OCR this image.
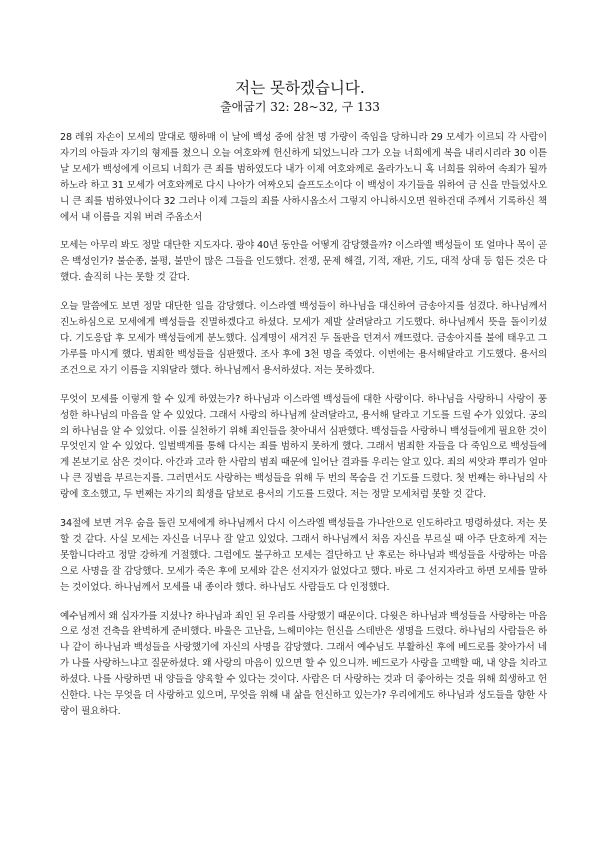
저는 못하겠습니다.
출애굽기 32: 28~32, 구 133

28 레위 자손이 모세의 말대로 행하매 이 날에 백성 중에 삼천 명 가량이 죽임을 당하니라 29 모세가 이르되 각 사람이 자기의 아들과 자기의 형제를 쳤으니 오늘 여호와께 헌신하게 되었느니라 그가 오늘 너희에게 복을 내리시리라 30 이튿날 모세가 백성에게 이르되 너희가 큰 죄를 범하였도다 내가 이제 여호와께로 올라가노니 혹 너희를 위하여 속죄가 될까 하노라 하고 31 모세가 여호와께로 다시 나아가 여짜오되 슬프도소이다 이 백성이 자기들을 위하여 금 신을 만들었사오니 큰 죄를 범하였나이다 32 그러나 이제 그들의 죄를 사하시옵소서 그렇지 아니하시오면 원하건대 주께서 기록하신 책에서 내 이름을 지워 버려 주옵소서

모세는 아무리 봐도 정말 대단한 지도자다. 광야 40년 동안을 어떻게 감당했을까? 이스라엘 백성들이 또 얼마나 목이 곧은 백성인가? 불순종, 불평, 불만이 많은 그들을 인도했다. 전쟁, 문제 해결, 기적, 재판, 기도, 대적 상대 등 힘든 것은 다 했다. 솔직히 나는 못할 것 같다.

오늘 말씀에도 보면 정말 대단한 일을 감당했다. 이스라엘 백성들이 하나님을 대신하여 금송아지를 섬겼다. 하나님께서 진노하심으로 모세에게 백성들을 진멸하겠다고 하셨다. 모세가 제발 살려달라고 기도했다. 하나님께서 뜻을 돌이키셨다. 기도응답 후 모세가 백성들에게 분노했다. 십계명이 새겨진 두 돌판을 던져서 깨뜨렸다. 금송아지를 불에 태우고 그 가루를 마시게 했다. 범죄한 백성들을 심판했다. 조사 후에 3천 명을 죽였다. 이번에는 용서해달라고 기도했다. 용서의 조건으로 자기 이름을 지워달라 했다. 하나님께서 용서하셨다. 저는 못하겠다.

무엇이 모세를 이렇게 할 수 있게 하였는가? 하나님과 이스라엘 백성들에 대한 사랑이다. 하나님을 사랑하니 사랑이 풍성한 하나님의 마음을 알 수 있었다. 그래서 사랑의 하나님께 살려달라고, 용서해 달라고 기도를 드릴 수가 있었다. 공의의 하나님을 알 수 있었다. 이를 실천하기 위해 죄인들을 찾아내서 심판했다. 백성들을 사랑하니 백성들에게 필요한 것이 무엇인지 알 수 있었다. 일벌백계를 통해 다시는 죄를 범하지 못하게 했다. 그래서 범죄한 자들을 다 죽임으로 백성들에게 본보기로 삼은 것이다. 아간과 고라 한 사람의 범죄 때문에 일어난 결과를 우리는 알고 있다. 죄의 씨앗과 뿌리가 얼마나 큰 징벌을 부르는지를. 그러면서도 사랑하는 백성들을 위해 두 번의 목숨을 건 기도를 드렸다. 첫 번째는 하나님의 사랑에 호소했고, 두 번째는 자기의 희생을 담보로 용서의 기도를 드렸다. 저는 정말 모세처럼 못할 것 같다.

34절에 보면 겨우 숨을 돌린 모세에게 하나님께서 다시 이스라엘 백성들을 가나안으로 인도하라고 명령하셨다. 저는 못할 것 같다. 사실 모세는 자신을 너무나 잘 알고 있었다. 그래서 하나님께서 처음 자신을 부르실 때 아주 단호하게 저는 못합니다라고 정말 강하게 거절했다. 그럼에도 불구하고 모세는 결단하고 난 후로는 하나님과 백성들을 사랑하는 마음으로 사명을 잘 감당했다. 모세가 죽은 후에 모세와 같은 선지자가 없었다고 했다. 바로 그 선지자라고 하면 모세를 말하는 것이었다. 하나님께서 모세를 내 종이라 했다. 하나님도 사람들도 다 인정했다.

예수님께서 왜 십자가를 지셨나? 하나님과 죄인 된 우리를 사랑했기 때문이다. 다윗은 하나님과 백성들을 사랑하는 마음으로 성전 건축을 완벽하게 준비했다. 바울은 고난을, 느헤미야는 헌신을 스데반은 생명을 드렸다. 하나님의 사람들은 하나 같이 하나님과 백성들을 사랑했기에 자신의 사명을 감당했다. 그래서 예수님도 부활하신 후에 베드로를 찾아가서 네가 나를 사랑하느냐고 질문하셨다. 왜 사랑의 마음이 있으면 할 수 있으니까. 베드로가 사랑을 고백할 때, 내 양을 치라고 하셨다. 나를 사랑하면 내 양들을 양육할 수 있다는 것이다. 사람은 더 사랑하는 것과 더 좋아하는 것을 위해 희생하고 헌신한다. 나는 무엇을 더 사랑하고 있으며, 무엇을 위해 내 삶을 헌신하고 있는가? 우리에게도 하나님과 성도들을 향한 사랑이 필요하다.
